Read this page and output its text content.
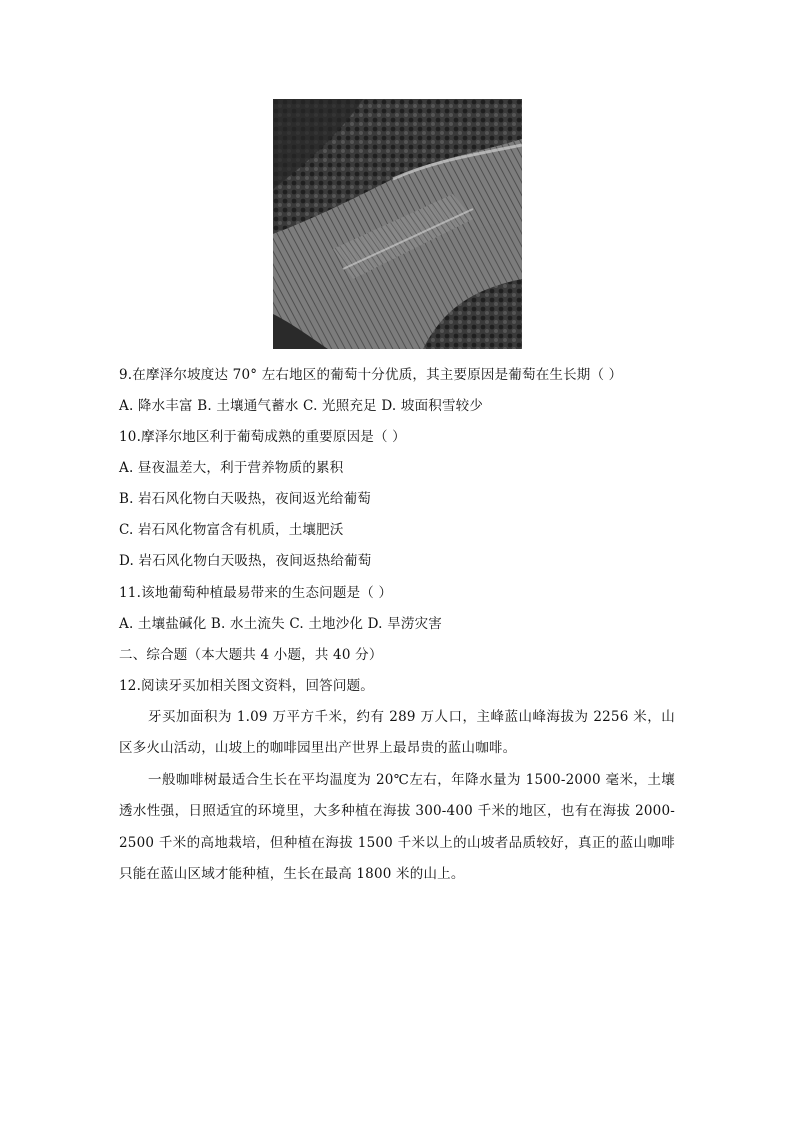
9.在摩泽尔坡度达 70° 左右地区的葡萄十分优质，其主要原因是葡萄在生长期（ ）
A. 降水丰富 B. 土壤通气蓄水 C. 光照充足 D. 坡面积雪较少
10.摩泽尔地区利于葡萄成熟的重要原因是（ ）
A. 昼夜温差大，利于营养物质的累积
B. 岩石风化物白天吸热，夜间返光给葡萄
C. 岩石风化物富含有机质，土壤肥沃
D. 岩石风化物白天吸热，夜间返热给葡萄
11.该地葡萄种植最易带来的生态问题是（ ）
A. 土壤盐碱化 B. 水土流失 C. 土地沙化 D. 旱涝灾害
二、综合题（本大题共 4 小题，共 40 分）
12.阅读牙买加相关图文资料，回答问题。
牙买加面积为 1.09 万平方千米，约有 289 万人口，主峰蓝山峰海拔为 2256 米，山区多火山活动，山坡上的咖啡园里出产世界上最昂贵的蓝山咖啡。
一般咖啡树最适合生长在平均温度为 20℃左右，年降水量为 1500-2000 毫米，土壤透水性强，日照适宜的环境里，大多种植在海拔 300-400 千米的地区，也有在海拔 2000-2500 千米的高地栽培，但种植在海拔 1500 千米以上的山坡者品质较好，真正的蓝山咖啡只能在蓝山区域才能种植，生长在最高 1800 米的山上。
